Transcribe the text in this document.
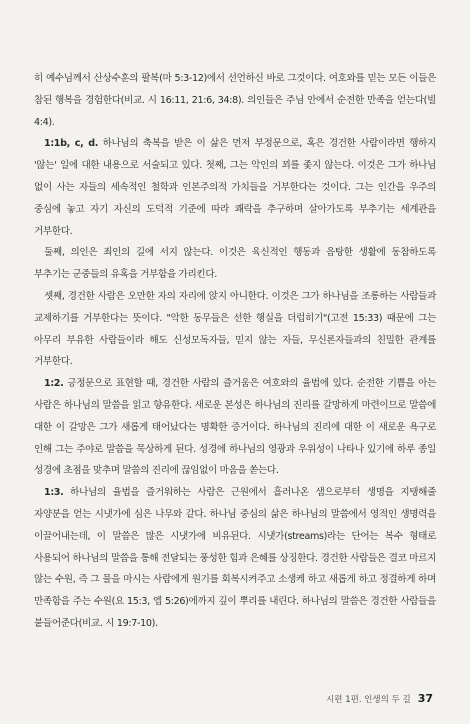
히 예수님께서 산상수훈의 팔복(마 5:3-12)에서 선언하신 바로 그것이다. 여호와를 믿는 모든 이들은 참된 행복을 경험한다(비교. 시 16:11, 21:6, 34:8). 의인들은 주님 안에서 순전한 만족을 얻는다(빌 4:4).

1:1b, c, d. 하나님의 축복을 받은 이 삶은 먼저 부정문으로, 혹은 경건한 사람이라면 행하지 '않는' 일에 대한 내용으로 서술되고 있다. 첫째, 그는 악인의 꾀를 좇지 않는다. 이것은 그가 하나님 없이 사는 자들의 세속적인 철학과 인본주의적 가치들을 거부한다는 것이다. 그는 인간을 우주의 중심에 놓고 자기 자신의 도덕적 기준에 따라 쾌락을 추구하며 살아가도록 부추기는 세계관을 거부한다.

둘째, 의인은 죄인의 길에 서지 않는다. 이것은 육신적인 행동과 음탕한 생활에 동참하도록 부추기는 군중들의 유혹을 거부함을 가리킨다.

셋째, 경건한 사람은 오만한 자의 자리에 앉지 아니한다. 이것은 그가 하나님을 조롱하는 사람들과 교제하기를 거부한다는 뜻이다. "악한 동무들은 선한 행실을 더럽히기"(고전 15:33) 때문에 그는 아무리 부유한 사람들이라 해도 신성모독자들, 믿지 않는 자들, 무신론자들과의 친밀한 관계를 거부한다.

1:2. 긍정문으로 표현할 때, 경건한 사람의 즐거움은 여호와의 율법에 있다. 순전한 기쁨을 아는 사람은 하나님의 말씀을 읽고 향유한다. 새로운 본성은 하나님의 진리를 갈망하게 마련이므로 말씀에 대한 이 갈망은 그가 새롭게 태어났다는 명확한 증거이다. 하나님의 진리에 대한 이 새로운 욕구로 인해 그는 주야로 말씀을 묵상하게 된다. 성경에 하나님의 영광과 우위성이 나타나 있기에 하루 종일 성경에 초점을 맞추며 말씀의 진리에 끊임없이 마음을 쏟는다.

1:3. 하나님의 율법을 즐거워하는 사람은 근원에서 흘러나온 샘으로부터 생명을 지탱해줄 자양분을 얻는 시냇가에 심은 나무와 같다. 하나님 중심의 삶은 하나님의 말씀에서 영적인 생명력을 이끌어내는데, 이 말씀은 많은 시냇가에 비유된다. 시냇가(streams)라는 단어는 복수 형태로 사용되어 하나님의 말씀을 통해 전달되는 풍성한 힘과 은혜를 상징한다. 경건한 사람들은 결코 마르지 않는 수원, 즉 그 물을 마시는 사람에게 원기를 회복시켜주고 소생케 하고 새롭게 하고 정결하게 하며 만족함을 주는 수원(요 15:3, 엡 5:26)에까지 깊이 뿌리를 내린다. 하나님의 말씀은 경건한 사람들을 붙들어준다(비교. 시 19:7-10).

시편 1편. 인생의 두 길 37
